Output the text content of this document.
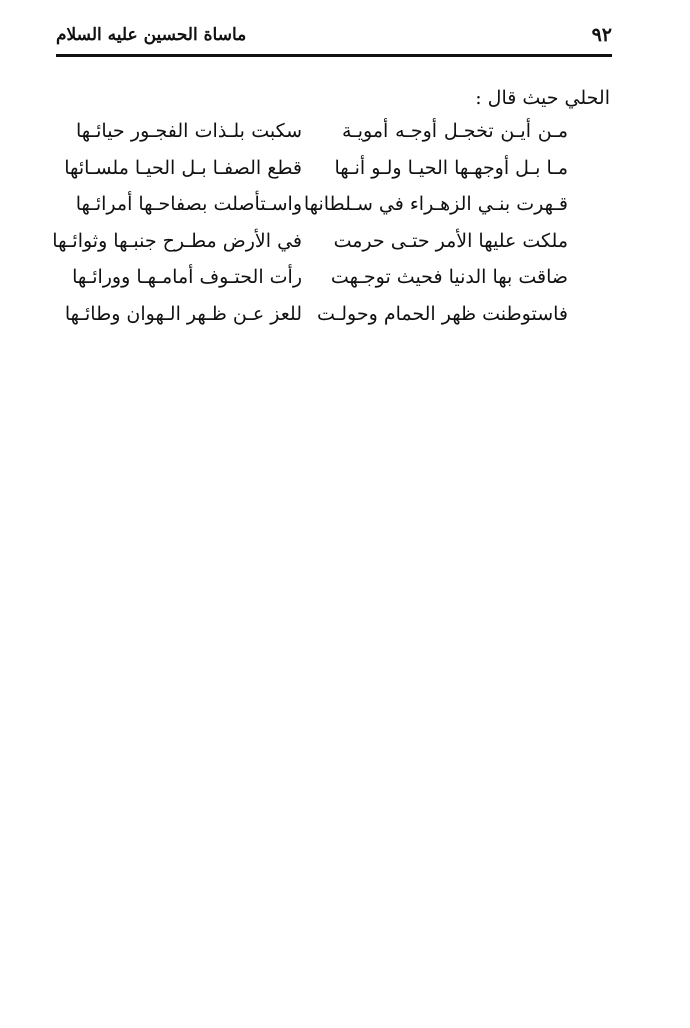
٩٢
ماساة الحسين عليه السلام
الحلي حيث قال :
مـن أيـن تخجـل أوجـه أمويـة
سكبت بلـذات الفجـور حيائـها
مـا بـل أوجهـها الحيـا ولـو أنـها
قطع الصفـا بـل الحيـا ملسـائها
قـهرت بنـي الزهـراء في سـلطانها
واسـتأصلت بصفاحـها أمرائـها
ملكت عليها الأمر حتـى حرمت
في الأرض مطـرح جنبـها وثوائـها
ضاقت بها الدنيا فحيث توجـهت
رأت الحتـوف أمامـهـا وورائـها
فاستوطنت ظهر الحمام وحولـت
للعز عـن ظـهر الـهوان وطائـها
